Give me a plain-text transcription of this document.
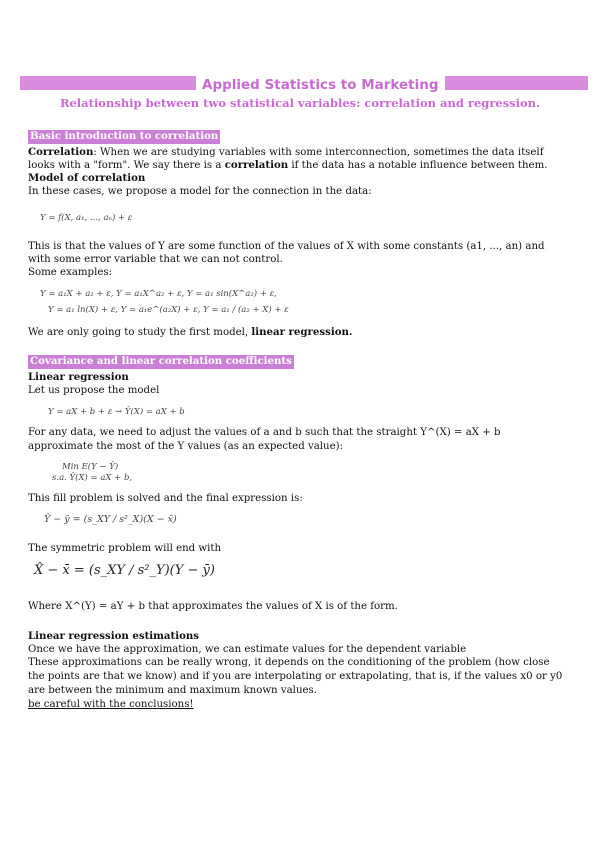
Applied Statistics to Marketing
Relationship between two statistical variables: correlation and regression.
Basic introduction to correlation

Correlation: When we are studying variables with some interconnection, sometimes the data itself looks with a "form". We say there is a correlation if the data has a notable influence between them.

Model of correlation

In these cases, we propose a model for the connection in the data:

Y = f(X, a₁, ..., aₙ) + ε

This is that the values of Y are some function of the values of X with some constants (a1, ..., an) and with some error variable that we can not control.

Some examples:

Y = a₁X + a₂ + ε, Y = a₁X^a₂ + ε, Y = a₁ sin(X^a₂) + ε,
Y = a₁ ln(X) + ε, Y = a₁e^(a₂X) + ε, Y = a₁ / (a₂ + X) + ε

We are only going to study the first model, linear regression.

Covariance and linear correlation coefficients

Linear regression

Let us propose the model

Y = aX + b + ε → Ŷ(X) = aX + b

For any data, we need to adjust the values of a and b such that the straight Y^(X) = aX + b approximate the most of the Y values (as an expected value):

Min E(Y − Ŷ)
s.a. Ŷ(X) = aX + b,

This fill problem is solved and the final expression is:

Ŷ − ȳ = (s_XY / s²_X)(X − x̄)

The symmetric problem will end with

X̂ − x̄ = (s_XY / s²_Y)(Y − ȳ)

Where X^(Y) = aY + b that approximates the values of X is of the form.

Linear regression estimations

Once we have the approximation, we can estimate values for the dependent variable

These approximations can be really wrong, it depends on the conditioning of the problem (how close the points are that we know) and if you are interpolating or extrapolating, that is, if the values x0 or y0 are between the minimum and maximum known values.

be careful with the conclusions!
